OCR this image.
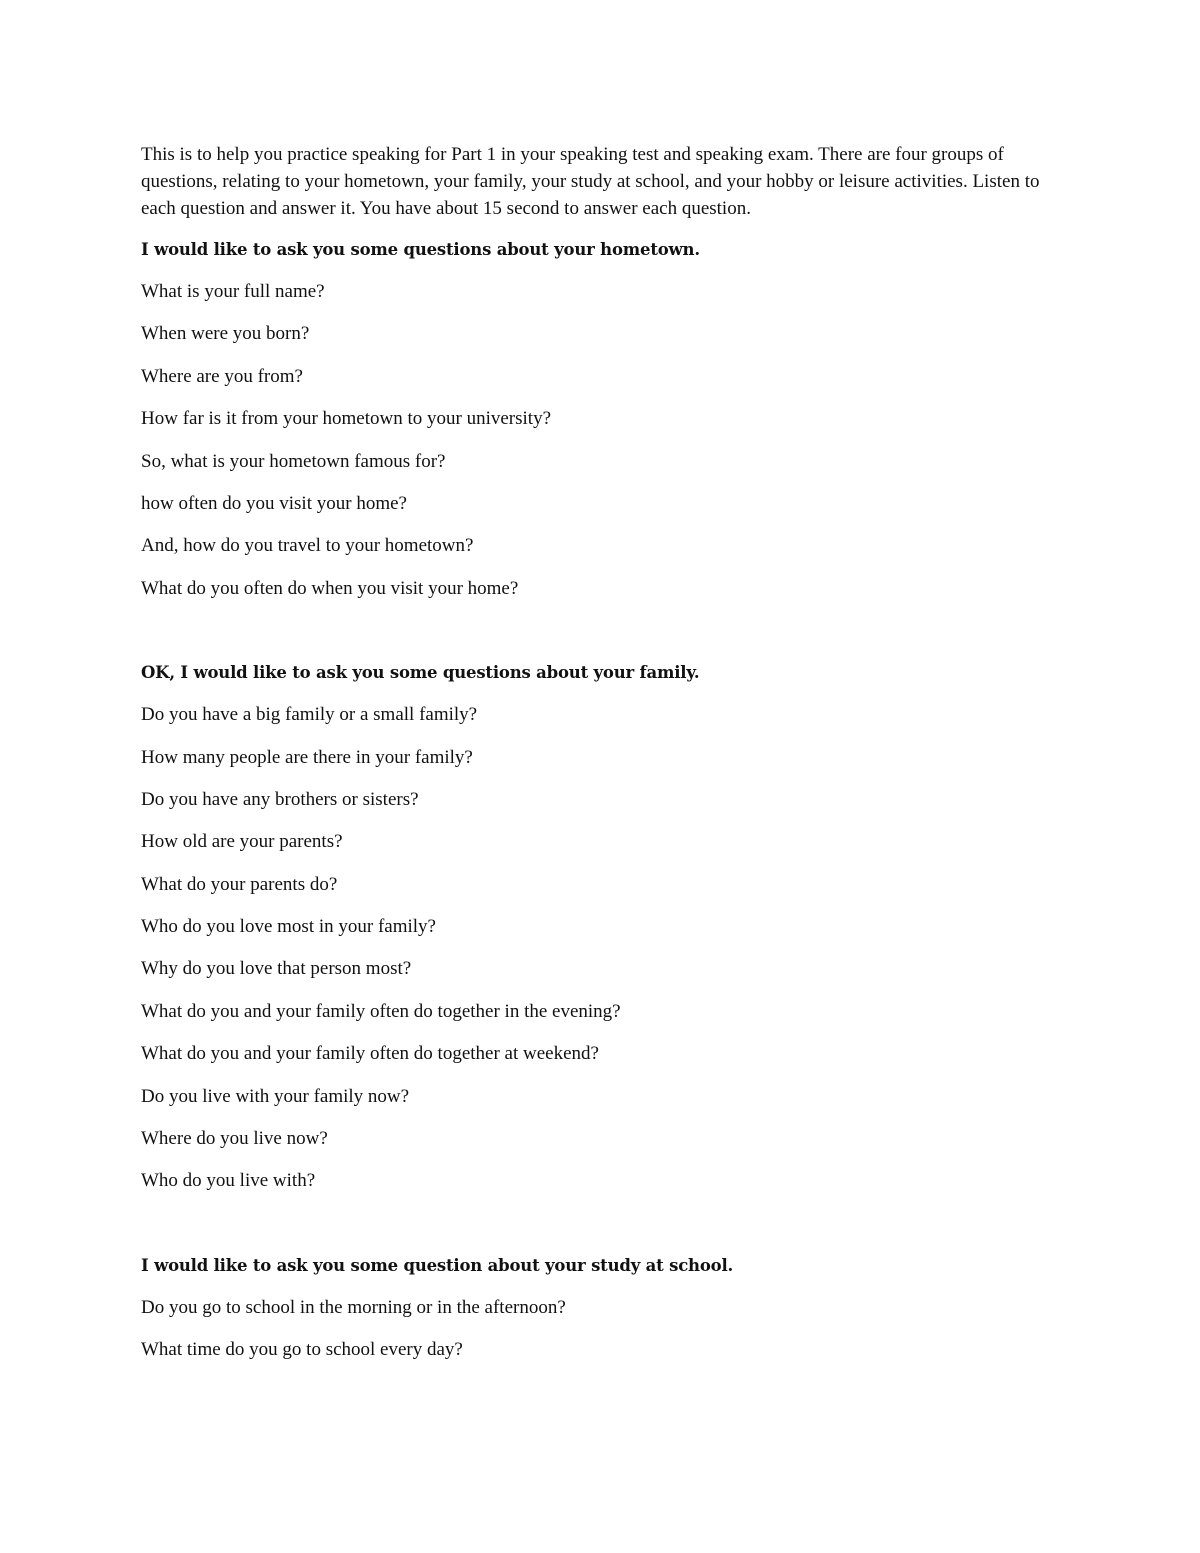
This is to help you practice speaking for Part 1 in your speaking test and speaking exam. There are four groups of questions, relating to your hometown, your family, your study at school, and your hobby or leisure activities. Listen to each question and answer it. You have about 15 second to answer each question.

I would like to ask you some questions about your hometown.

What is your full name?

When were you born?

Where are you from?

How far is it from your hometown to your university?

So, what is your hometown famous for?

how often do you visit your home?

And, how do you travel to your hometown?

What do you often do when you visit your home?

OK, I would like to ask you some questions about your family.

Do you have a big family or a small family?

How many people are there in your family?

Do you have any brothers or sisters?

How old are your parents?

What do your parents do?

Who do you love most in your family?

Why do you love that person most?

What do you and your family often do together in the evening?

What do you and your family often do together at weekend?

Do you live with your family now?

Where do you live now?

Who do you live with?

I would like to ask you some question about your study at school.

Do you go to school in the morning or in the afternoon?

What time do you go to school every day?
